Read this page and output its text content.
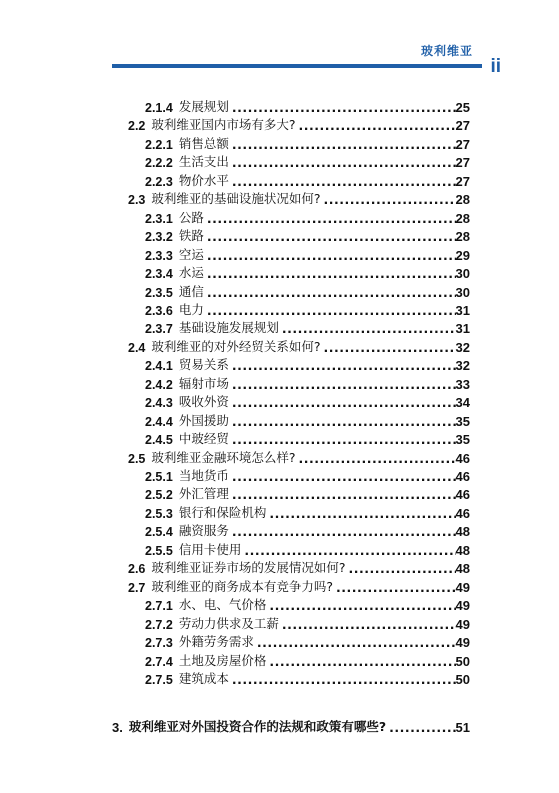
玻利维亚
ii
2.1.4 发展规划 .....	25
2.2 玻利维亚国内市场有多大? .....	27
2.2.1 销售总额 .....	27
2.2.2 生活支出 .....	27
2.2.3 物价水平 .....	27
2.3 玻利维亚的基础设施状况如何? .....	28
2.3.1 公路 .....	28
2.3.2 铁路 .....	28
2.3.3 空运 .....	29
2.3.4 水运 .....	30
2.3.5 通信 .....	30
2.3.6 电力 .....	31
2.3.7 基础设施发展规划 .....	31
2.4 玻利维亚的对外经贸关系如何? .....	32
2.4.1 贸易关系 .....	32
2.4.2 辐射市场 .....	33
2.4.3 吸收外资 .....	34
2.4.4 外国援助 .....	35
2.4.5 中玻经贸 .....	35
2.5 玻利维亚金融环境怎么样? .....	46
2.5.1 当地货币 .....	46
2.5.2 外汇管理 .....	46
2.5.3 银行和保险机构 .....	46
2.5.4 融资服务 .....	48
2.5.5 信用卡使用 .....	48
2.6 玻利维亚证券市场的发展情况如何? .....	48
2.7 玻利维亚的商务成本有竞争力吗? .....	49
2.7.1 水、电、气价格 .....	49
2.7.2 劳动力供求及工薪 .....	49
2.7.3 外籍劳务需求 .....	49
2.7.4 土地及房屋价格 .....	50
2.7.5 建筑成本 .....	50
3. 玻利维亚对外国投资合作的法规和政策有哪些? .....	51
